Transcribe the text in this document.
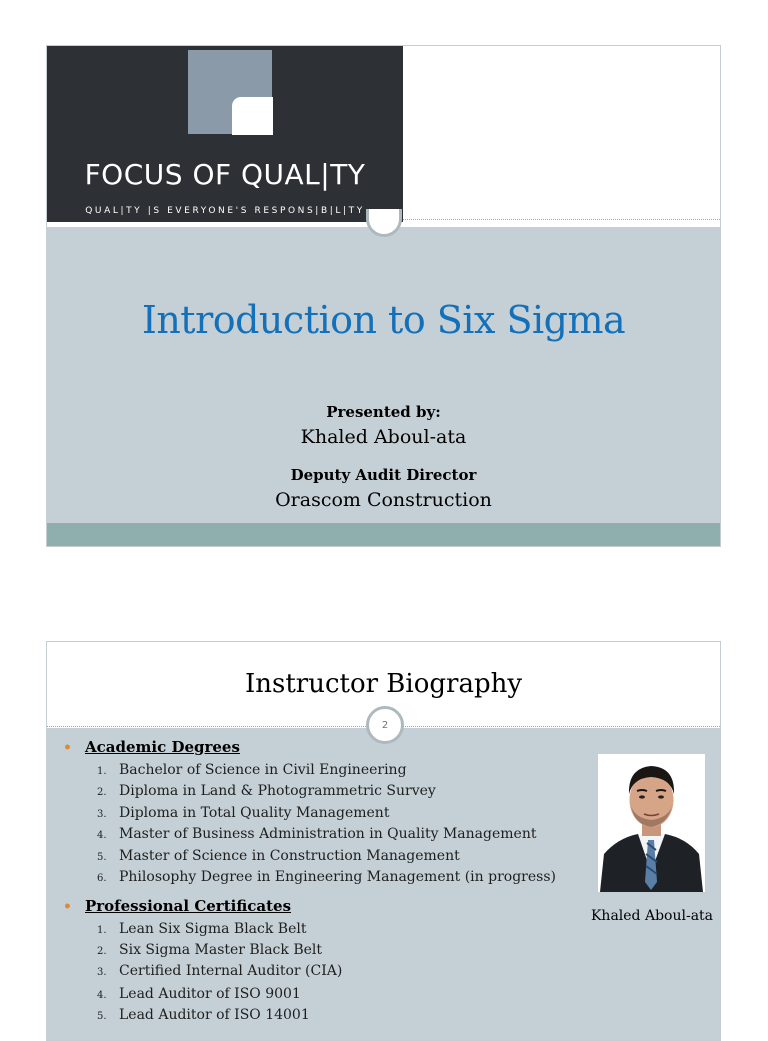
FOCUS OF QUAL|TY
QUAL|TY |S EVERYONE'S RESPONS|B|L|TY
Introduction to Six Sigma
Presented by:
Khaled Aboul-ata
Deputy Audit Director
Orascom Construction
Instructor Biography
2
• Academic Degrees
1. Bachelor of Science in Civil Engineering
2. Diploma in Land & Photogrammetric Survey
3. Diploma in Total Quality Management
4. Master of Business Administration in Quality Management
5. Master of Science in Construction Management
6. Philosophy Degree in Engineering Management (in progress)
• Professional Certificates
1. Lean Six Sigma Black Belt
2. Six Sigma Master Black Belt
3. Certified Internal Auditor (CIA)
4. Lead Auditor of ISO 9001
5. Lead Auditor of ISO 14001
Khaled Aboul-ata
